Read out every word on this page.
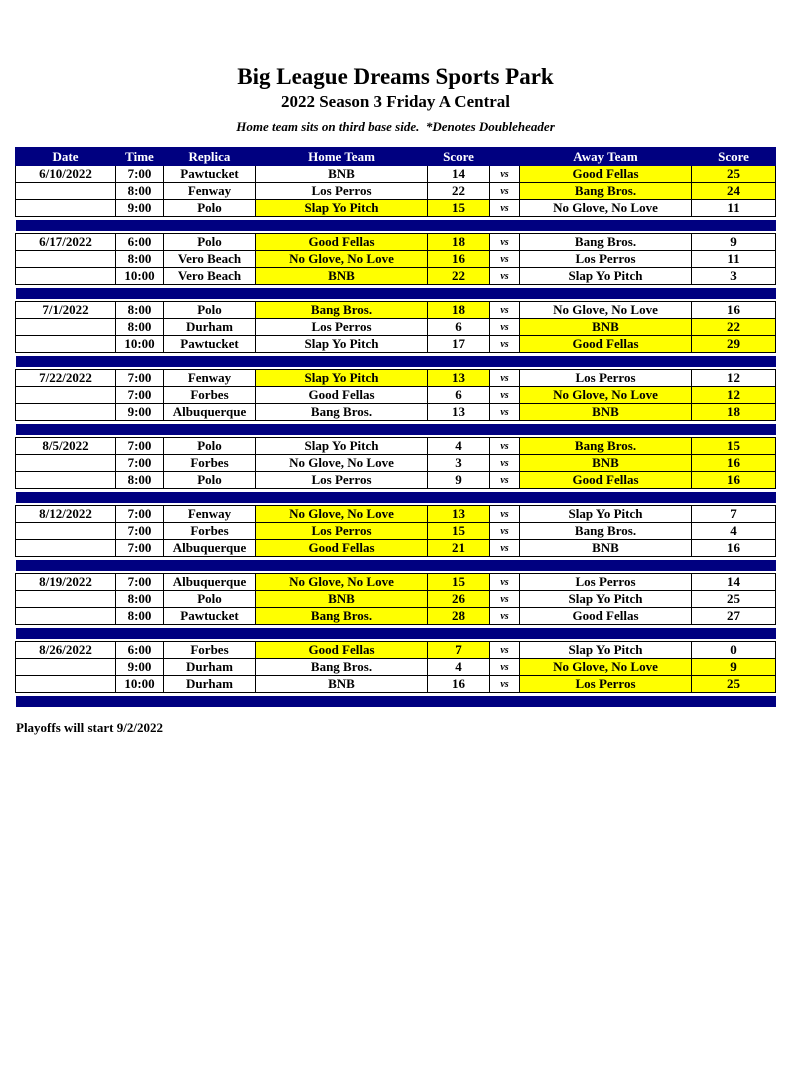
Big League Dreams Sports Park
2022 Season 3 Friday A Central
Home team sits on third base side.  *Denotes Doubleheader
Date	Time	Replica	Home Team	Score		Away Team	Score
6/10/2022	7:00	Pawtucket	BNB	14	vs	Good Fellas	25
	8:00	Fenway	Los Perros	22	vs	Bang Bros.	24
	9:00	Polo	Slap Yo Pitch	15	vs	No Glove, No Love	11

6/17/2022	6:00	Polo	Good Fellas	18	vs	Bang Bros.	9
	8:00	Vero Beach	No Glove, No Love	16	vs	Los Perros	11
	10:00	Vero Beach	BNB	22	vs	Slap Yo Pitch	3

7/1/2022	8:00	Polo	Bang Bros.	18	vs	No Glove, No Love	16
	8:00	Durham	Los Perros	6	vs	BNB	22
	10:00	Pawtucket	Slap Yo Pitch	17	vs	Good Fellas	29

7/22/2022	7:00	Fenway	Slap Yo Pitch	13	vs	Los Perros	12
	7:00	Forbes	Good Fellas	6	vs	No Glove, No Love	12
	9:00	Albuquerque	Bang Bros.	13	vs	BNB	18

8/5/2022	7:00	Polo	Slap Yo Pitch	4	vs	Bang Bros.	15
	7:00	Forbes	No Glove, No Love	3	vs	BNB	16
	8:00	Polo	Los Perros	9	vs	Good Fellas	16

8/12/2022	7:00	Fenway	No Glove, No Love	13	vs	Slap Yo Pitch	7
	7:00	Forbes	Los Perros	15	vs	Bang Bros.	4
	7:00	Albuquerque	Good Fellas	21	vs	BNB	16

8/19/2022	7:00	Albuquerque	No Glove, No Love	15	vs	Los Perros	14
	8:00	Polo	BNB	26	vs	Slap Yo Pitch	25
	8:00	Pawtucket	Bang Bros.	28	vs	Good Fellas	27

8/26/2022	6:00	Forbes	Good Fellas	7	vs	Slap Yo Pitch	0
	9:00	Durham	Bang Bros.	4	vs	No Glove, No Love	9
	10:00	Durham	BNB	16	vs	Los Perros	25

Playoffs will start 9/2/2022
